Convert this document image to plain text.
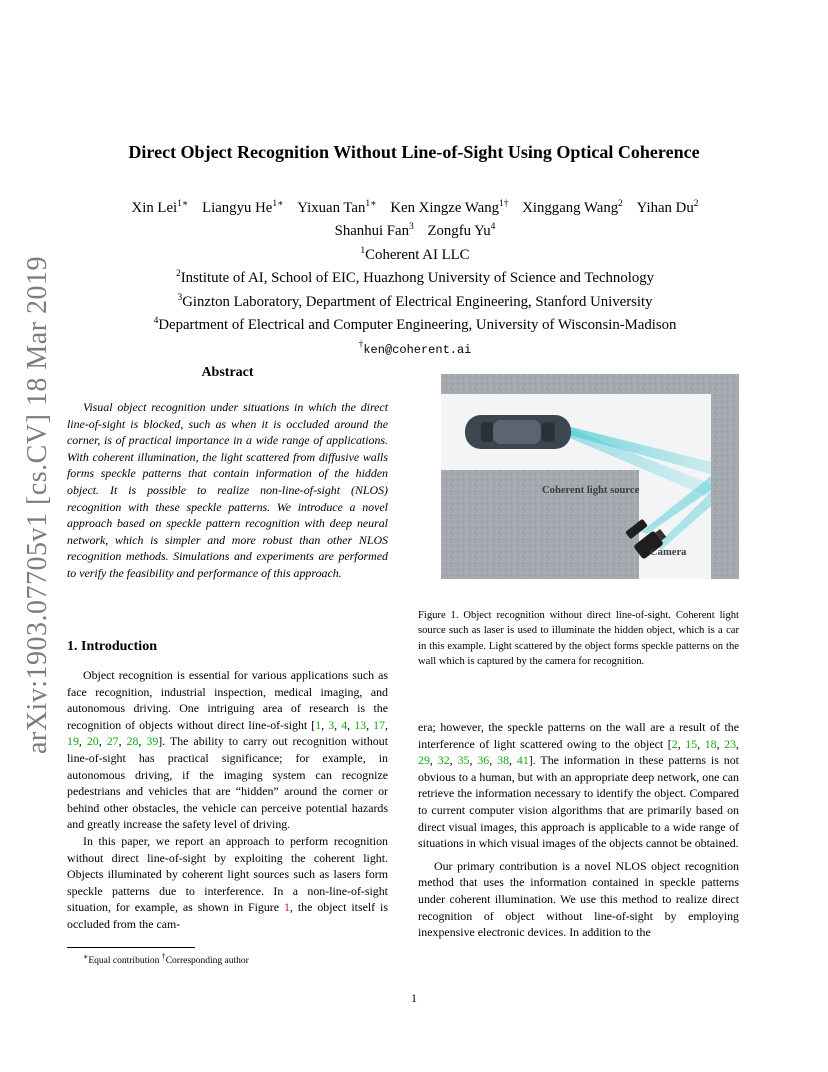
arXiv:1903.07705v1 [cs.CV] 18 Mar 2019
Direct Object Recognition Without Line-of-Sight Using Optical Coherence
Xin Lei$^{1∗}$ Liangyu $He^{1∗}$ Yixuan Tan$^{1∗}$ Ken Xingze Wang$^{1\dagger}$ Xinggang Wang$^2$ Yihan Du$^2$
Shanhui Fan$^3$ Zongfu Yu$^4$
$^1$Coherent AI LLC
$^2$Institute of AI, School of EIC, Huazhong University of Science and Technology
$^3$Ginzton Laboratory, Department of Electrical Engineering, Stanford University
$^4$Department of Electrical and Computer Engineering, University of Wisconsin-Madison
†ken@coherent.ai
Abstract

Visual object recognition under situations in which the direct line-of-sight is blocked, such as when it is occluded around the corner, is of practical importance in a wide range of applications. With coherent illumination, the light scattered from diffusive walls forms speckle patterns that contain information of the hidden object. It is possible to realize non-line-of-sight (NLOS) recognition with these speckle patterns. We introduce a novel approach based on speckle pattern recognition with deep neural network, which is simpler and more robust than other NLOS recognition methods. Simulations and experiments are performed to verify the feasibility and performance of this approach.

1. Introduction

Object recognition is essential for various applications such as face recognition, industrial inspection, medical imaging, and autonomous driving. One intriguing area of research is the recognition of objects without direct line-of-sight [1, 3, 4, 13, 17, 19, 20, 27, 28, 39]. The ability to carry out recognition without line-of-sight has practical significance; for example, in autonomous driving, if the imaging system can recognize pedestrians and vehicles that are “hidden” around the corner or behind other obstacles, the vehicle can perceive potential hazards and greatly increase the safety level of driving.

In this paper, we report an approach to perform recognition without direct line-of-sight by exploiting the coherent light. Objects illuminated by coherent light sources such as lasers form speckle patterns due to interference. In a non-line-of-sight situation, for example, as shown in Figure 1, the object itself is occluded from the cam-

∗Equal contribution †Corresponding author
Coherent light source
Camera
Figure 1. Object recognition without direct line-of-sight. Coherent light source such as laser is used to illuminate the hidden object, which is a car in this example. Light scattered by the object forms speckle patterns on the wall which is captured by the camera for recognition.

era; however, the speckle patterns on the wall are a result of the interference of light scattered owing to the object [2, 15, 18, 23, 29, 32, 35, 36, 38, 41]. The information in these patterns is not obvious to a human, but with an appropriate deep network, one can retrieve the information necessary to identify the object. Compared to current computer vision algorithms that are primarily based on direct visual images, this approach is applicable to a wide range of situations in which visual images of the objects cannot be obtained.

Our primary contribution is a novel NLOS object recognition method that uses the information contained in speckle patterns under coherent illumination. We use this method to realize direct recognition of object without line-of-sight by employing inexpensive electronic devices. In addition to the

1
